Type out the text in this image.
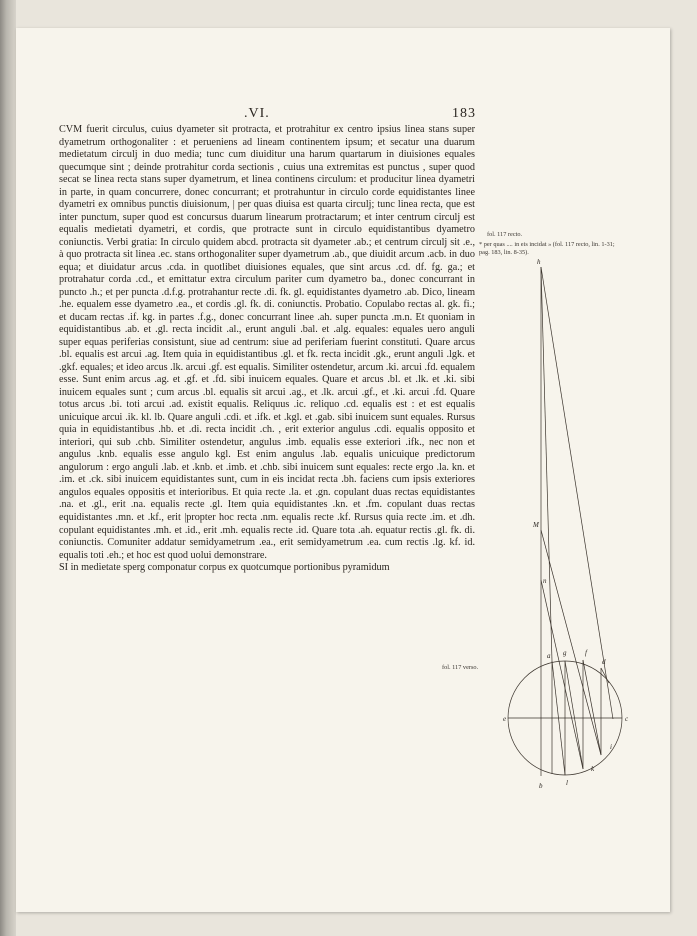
.VI.	183

CVM fuerit circulus, cuius dyameter sit protracta, et protrahitur ex centro ipsius linea stans super dyametrum orthogonaliter : et perueniens ad lineam continentem ipsum; et secatur una duarum medietatum circulj in duo media; tunc cum diuiditur una harum quartarum in diuisiones equales quecumque sint ; deinde protrahitur corda sectionis , cuius una extremitas est punctus , super quod secat se linea recta stans super dyametrum, et linea continens circulum: et producitur linea dyametri in parte, in quam concurrere, donec concurrant; et protrahuntur in circulo corde equidistantes linee dyametri ex omnibus punctis diuisionum, | per quas diuisa est quarta circulj; tunc linea recta, que est inter punctum, super quod est concursus duarum linearum protractarum; et inter centrum circulj est equalis medietati dyametri, et cordis, que protracte sunt in circulo equidistantibus dyametro coniunctis. Verbi gratia: In circulo quidem abcd. protracta sit dyameter .ab.; et centrum circulj sit .e., à quo protracta sit linea .ec. stans orthogonaliter super dyametrum .ab., que diuidit arcum .acb. in duo equa; et diuidatur arcus .cda. in quotlibet diuisiones equales, que sint arcus .cd. df. fg. ga.; et protrahatur corda .cd., et emittatur extra circulum pariter cum dyametro ba., donec concurrant in puncto .h.; et per puncta .d.f.g. protrahantur recte .di. fk. gl. equidistantes dyametro .ab. Dico, lineam .he. equalem esse dyametro .ea., et cordis .gl. fk. di. coniunctis. Probatio. Copulabo rectas al. gk. fi.; et ducam rectas .if. kg. in partes .f.g., donec concurrant linee .ah. super puncta .m.n. Et quoniam in equidistantibus .ab. et .gl. recta incidit .al., erunt anguli .bal. et .alg. equales: equales uero anguli super equas periferias consistunt, siue ad centrum: siue ad periferiam fuerint constituti. Quare arcus .bl. equalis est arcui .ag. Item quia in equidistantibus .gl. et fk. recta incidit .gk., erunt anguli .lgk. et .gkf. equales; et ideo arcus .lk. arcui .gf. est equalis. Similiter ostendetur, arcum .ki. arcui .fd. equalem esse. Sunt enim arcus .ag. et .gf. et .fd. sibi inuicem equales. Quare et arcus .bl. et .lk. et .ki. sibi inuicem equales sunt ; cum arcus .bl. equalis sit arcui .ag., et .lk. arcui .gf., et .ki. arcui .fd. Quare totus arcus .bi. toti arcui .ad. existit equalis. Reliquus .ic. reliquo .cd. equalis est : et est equalis unicuique arcui .ik. kl. lb. Quare anguli .cdi. et .ifk. et .kgl. et .gab. sibi inuicem sunt equales. Rursus quia in equidistantibus .hb. et .di. recta incidit .ch. , erit exterior angulus .cdi. equalis opposito et interiori, qui sub .chb. Similiter ostendetur, angulus .imb. equalis esse exteriori .ifk., nec non et angulus .knb. equalis esse angulo kgl. Est enim angulus .lab. equalis unicuique predictorum angulorum : ergo anguli .lab. et .knb. et .imb. et .chb. sibi inuicem sunt equales: recte ergo .la. kn. et .im. et .ck. sibi inuicem equidistantes sunt, cum in eis incidat recta .bh. faciens cum ipsis exteriores angulos equales oppositis et interioribus. Et quia recte .la. et .gn. copulant duas rectas equidistantes .na. et .gl., erit .na. equalis recte .gl. Item quia equidistantes .kn. et .fm. copulant duas rectas equidistantes .mn. et .kf., erit |propter hoc recta .nm. equalis recte .kf. Rursus quia recte .im. et .dh. copulant equidistantes .mh. et .id., erit .mh. equalis recte .id. Quare tota .ah. equatur rectis .gl. fk. di. coniunctis. Comuniter addatur semidyametrum .ea., erit semidyametrum .ea. cum rectis .lg. kf. id. equalis toti .eh.; et hoc est quod uolui demonstrare.

SI in medietate sperg componatur corpus ex quotcumque portionibus pyramidum

fol. 117 recto.
* per quas .... in eis incidat » (fol. 117 recto, lin. 1-31; pag. 183, lin. 8-35).
fol. 117 verso.
h
M
n
a g	f
d
e	c
i
k
b	l
